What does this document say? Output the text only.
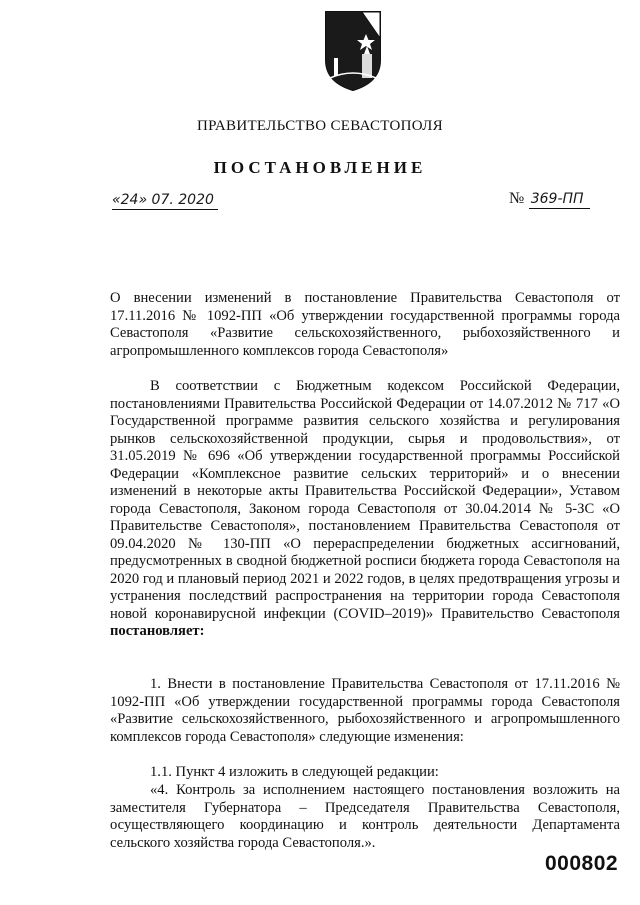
ПРАВИТЕЛЬСТВО СЕВАСТОПОЛЯ
ПОСТАНОВЛЕНИЕ
«24» 07. 2020	№ 369-ПП
О внесении изменений в постановление Правительства Севастополя от 17.11.2016 № 1092-ПП «Об утверждении государственной программы города Севастополя «Развитие сельскохозяйственного, рыбохозяйственного и агропромышленного комплексов города Севастополя»
В соответствии с Бюджетным кодексом Российской Федерации, постановлениями Правительства Российской Федерации от 14.07.2012 № 717 «О Государственной программе развития сельского хозяйства и регулирования рынков сельскохозяйственной продукции, сырья и продовольствия», от 31.05.2019 № 696 «Об утверждении государственной программы Российской Федерации «Комплексное развитие сельских территорий» и о внесении изменений в некоторые акты Правительства Российской Федерации», Уставом города Севастополя, Законом города Севастополя от 30.04.2014 № 5-ЗС «О Правительстве Севастополя», постановлением Правительства Севастополя от 09.04.2020 № 130-ПП «О перераспределении бюджетных ассигнований, предусмотренных в сводной бюджетной росписи бюджета города Севастополя на 2020 год и плановый период 2021 и 2022 годов, в целях предотвращения угрозы и устранения последствий распространения на территории города Севастополя новой коронавирусной инфекции (COVID–2019)» Правительство Севастополя постановляет:
1. Внести в постановление Правительства Севастополя от 17.11.2016 № 1092-ПП «Об утверждении государственной программы города Севастополя «Развитие сельскохозяйственного, рыбохозяйственного и агропромышленного комплексов города Севастополя» следующие изменения:
1.1. Пункт 4 изложить в следующей редакции:
«4. Контроль за исполнением настоящего постановления возложить на заместителя Губернатора – Председателя Правительства Севастополя, осуществляющего координацию и контроль деятельности Департамента сельского хозяйства города Севастополя.».
000802
